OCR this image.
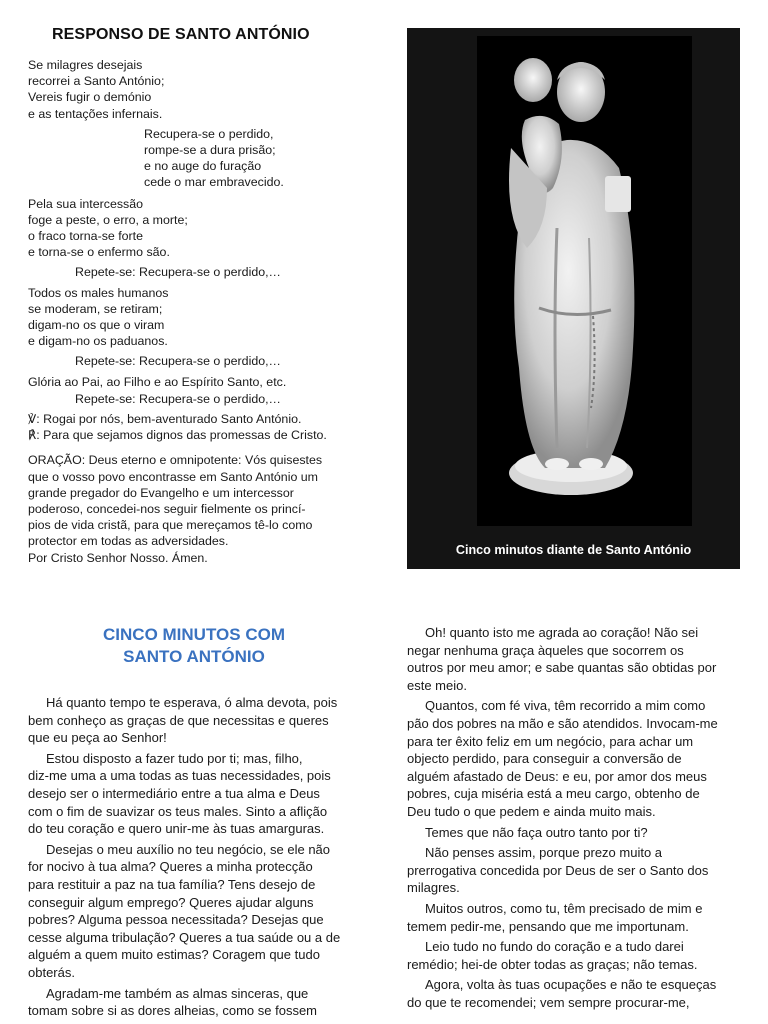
RESPONSO DE SANTO ANTÓNIO
Se milagres desejais
recorrei a Santo António;
Vereis fugir o demónio
e as tentações infernais.
Recupera-se o perdido,
rompe-se a dura prisão;
e no auge do furação
cede o mar embravecido.
Pela sua intercessão
foge a peste, o erro, a morte;
o fraco torna-se forte
e torna-se o enfermo são.
Repete-se: Recupera-se o perdido,…
Todos os males humanos
se moderam, se retiram;
digam-no os que o viram
e digam-no os paduanos.
Repete-se: Recupera-se o perdido,…
Glória ao Pai, ao Filho e ao Espírito Santo, etc.
Repete-se: Recupera-se o perdido,…
℣: Rogai por nós, bem-aventurado Santo António.
℟: Para que sejamos dignos das promessas de Cristo.
ORAÇÃO: Deus eterno e omnipotente: Vós quisestes
que o vosso povo encontrasse em Santo António um
grande pregador do Evangelho e um intercessor
poderoso, concedei-nos seguir fielmente os princí-
pios de vida cristã, para que mereçamos tê-lo como
protector em todas as adversidades.
Por Cristo Senhor Nosso. Ámen.
Cinco minutos diante de Santo António
CINCO MINUTOS COM
SANTO ANTÓNIO

Há quanto tempo te esperava, ó alma devota, pois
bem conheço as graças de que necessitas e queres
que eu peça ao Senhor!

Estou disposto a fazer tudo por ti; mas, filho,
diz-me uma a uma todas as tuas necessidades, pois
desejo ser o intermediário entre a tua alma e Deus
com o fim de suavizar os teus males. Sinto a aflição
do teu coração e quero unir-me às tuas amarguras.

Desejas o meu auxílio no teu negócio, se ele não
for nocivo à tua alma? Queres a minha protecção
para restituir a paz na tua família? Tens desejo de
conseguir algum emprego? Queres ajudar alguns
pobres? Alguma pessoa necessitada? Desejas que
cesse alguma tribulação? Queres a tua saúde ou a de
alguém a quem muito estimas? Coragem que tudo
obterás.

Agradam-me também as almas sinceras, que
tomam sobre si as dores alheias, como se fossem

Oh! quanto isto me agrada ao coração! Não sei
negar nenhuma graça àqueles que socorrem os
outros por meu amor; e sabe quantas são obtidas por
este meio.

Quantos, com fé viva, têm recorrido a mim como
pão dos pobres na mão e são atendidos. Invocam-me
para ter êxito feliz em um negócio, para achar um
objecto perdido, para conseguir a conversão de
alguém afastado de Deus: e eu, por amor dos meus
pobres, cuja miséria está a meu cargo, obtenho de
Deu tudo o que pedem e ainda muito mais.

Temes que não faça outro tanto por ti?

Não penses assim, porque prezo muito a
prerrogativa concedida por Deus de ser o Santo dos
milagres.

Muitos outros, como tu, têm precisado de mim e
temem pedir-me, pensando que me importunam.

Leio tudo no fundo do coração e a tudo darei
remédio; hei-de obter todas as graças; não temas.

Agora, volta às tuas ocupações e não te esqueças
do que te recomendei; vem sempre procurar-me,
